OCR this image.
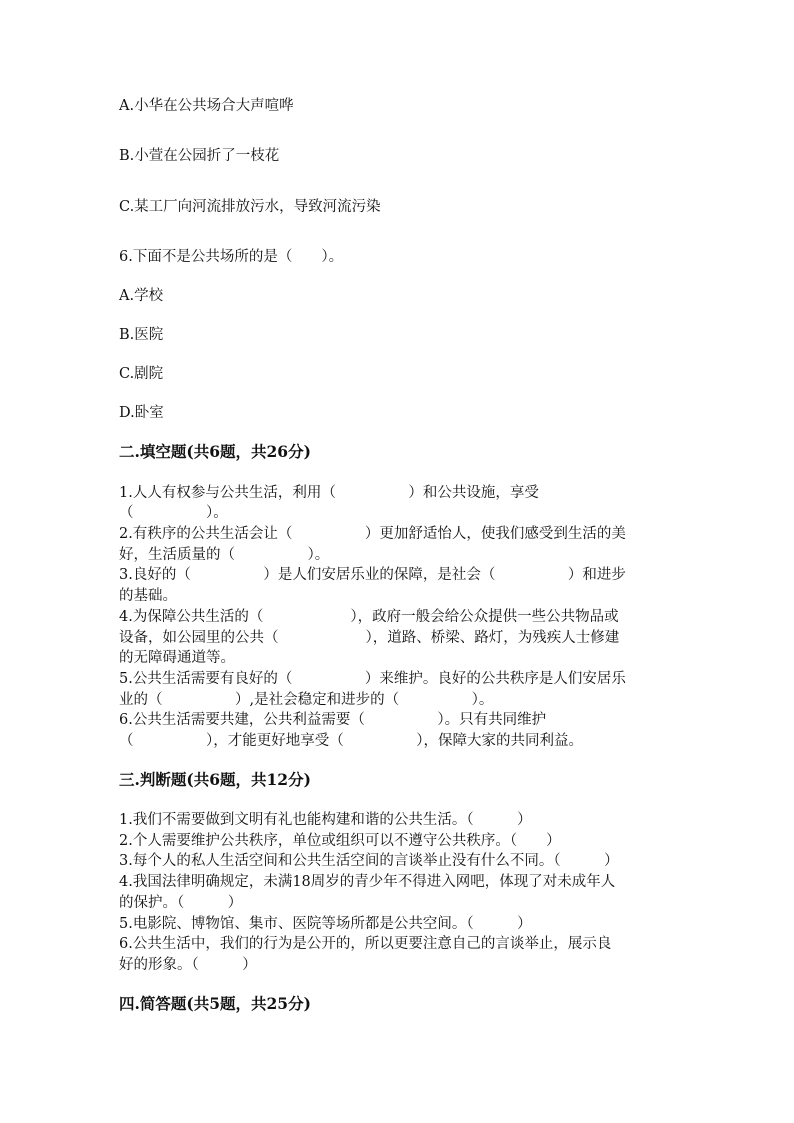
A.小华在公共场合大声喧哗
B.小萱在公园折了一枝花
C.某工厂向河流排放污水，导致河流污染
6.下面不是公共场所的是（　　）。
A.学校
B.医院
C.剧院
D.卧室
二.填空题(共6题，共26分)
1.人人有权参与公共生活，利用（　　　　　）和公共设施，享受
（　　　　　）。
2.有秩序的公共生活会让（　　　　　）更加舒适怡人，使我们感受到生活的美
好，生活质量的（　　　　　）。
3.良好的（　　　　　）是人们安居乐业的保障，是社会（　　　　　）和进步
的基础。
4.为保障公共生活的（　　　　　　），政府一般会给公众提供一些公共物品或
设备，如公园里的公共（　　　　　　），道路、桥梁、路灯，为残疾人士修建
的无障碍通道等。
5.公共生活需要有良好的（　　　　　）来维护。良好的公共秩序是人们安居乐
业的（　　　　　）,是社会稳定和进步的（　　　　　）。
6.公共生活需要共建，公共利益需要（　　　　　）。只有共同维护
（　　　　　），才能更好地享受（　　　　　），保障大家的共同利益。
三.判断题(共6题，共12分)
1.我们不需要做到文明有礼也能构建和谐的公共生活。（　　　）
2.个人需要维护公共秩序，单位或组织可以不遵守公共秩序。（　　）
3.每个人的私人生活空间和公共生活空间的言谈举止没有什么不同。（　　　）
4.我国法律明确规定，未满18周岁的青少年不得进入网吧，体现了对未成年人
的保护。（　　　）
5.电影院、博物馆、集市、医院等场所都是公共空间。（　　　）
6.公共生活中，我们的行为是公开的，所以更要注意自己的言谈举止，展示良
好的形象。（　　　）
四.简答题(共5题，共25分)
